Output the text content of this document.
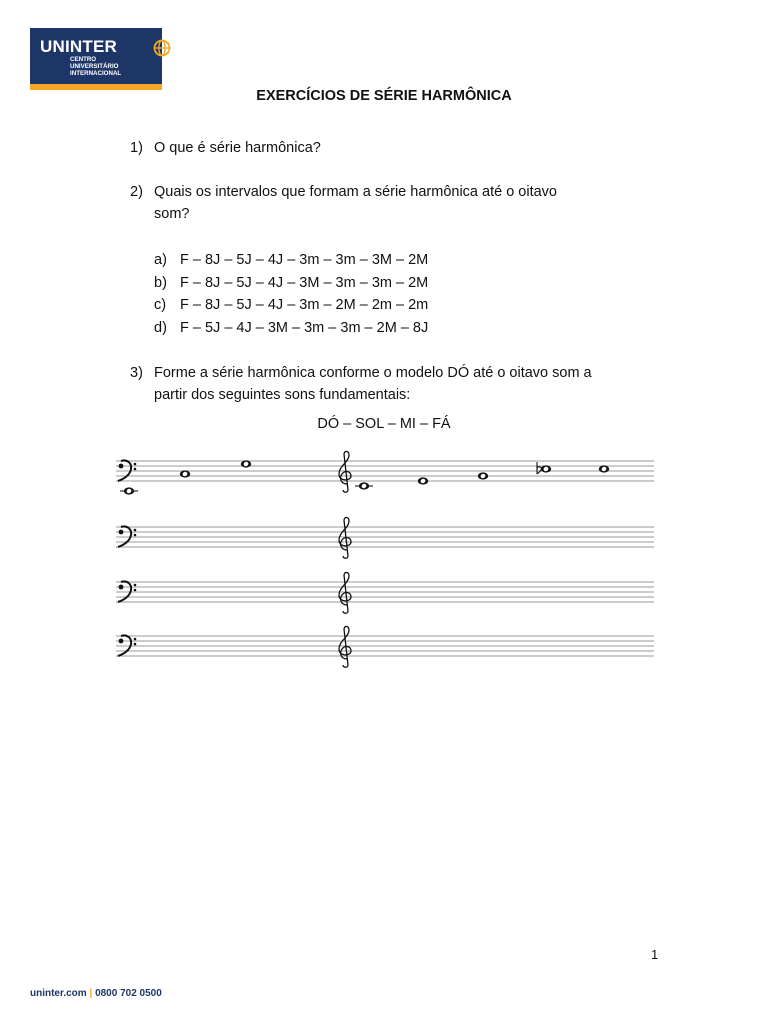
UNINTER
CENTRO
UNIVERSITÁRIO
INTERNACIONAL
EXERCÍCIOS DE SÉRIE HARMÔNICA
1) O que é série harmônica?
2) Quais os intervalos que formam a série harmônica até o oitavo
som?
a) F – 8J – 5J – 4J – 3m – 3m – 3M – 2M
b) F – 8J – 5J – 4J – 3M – 3m – 3m – 2M
c) F – 8J – 5J – 4J – 3m – 2M – 2m – 2m
d) F – 5J – 4J – 3M – 3m – 3m – 2M – 8J
3) Forme a série harmônica conforme o modelo DÓ até o oitavo som a
partir dos seguintes sons fundamentais:
DÓ – SOL – MI – FÁ
1
uninter.com | 0800 702 0500
